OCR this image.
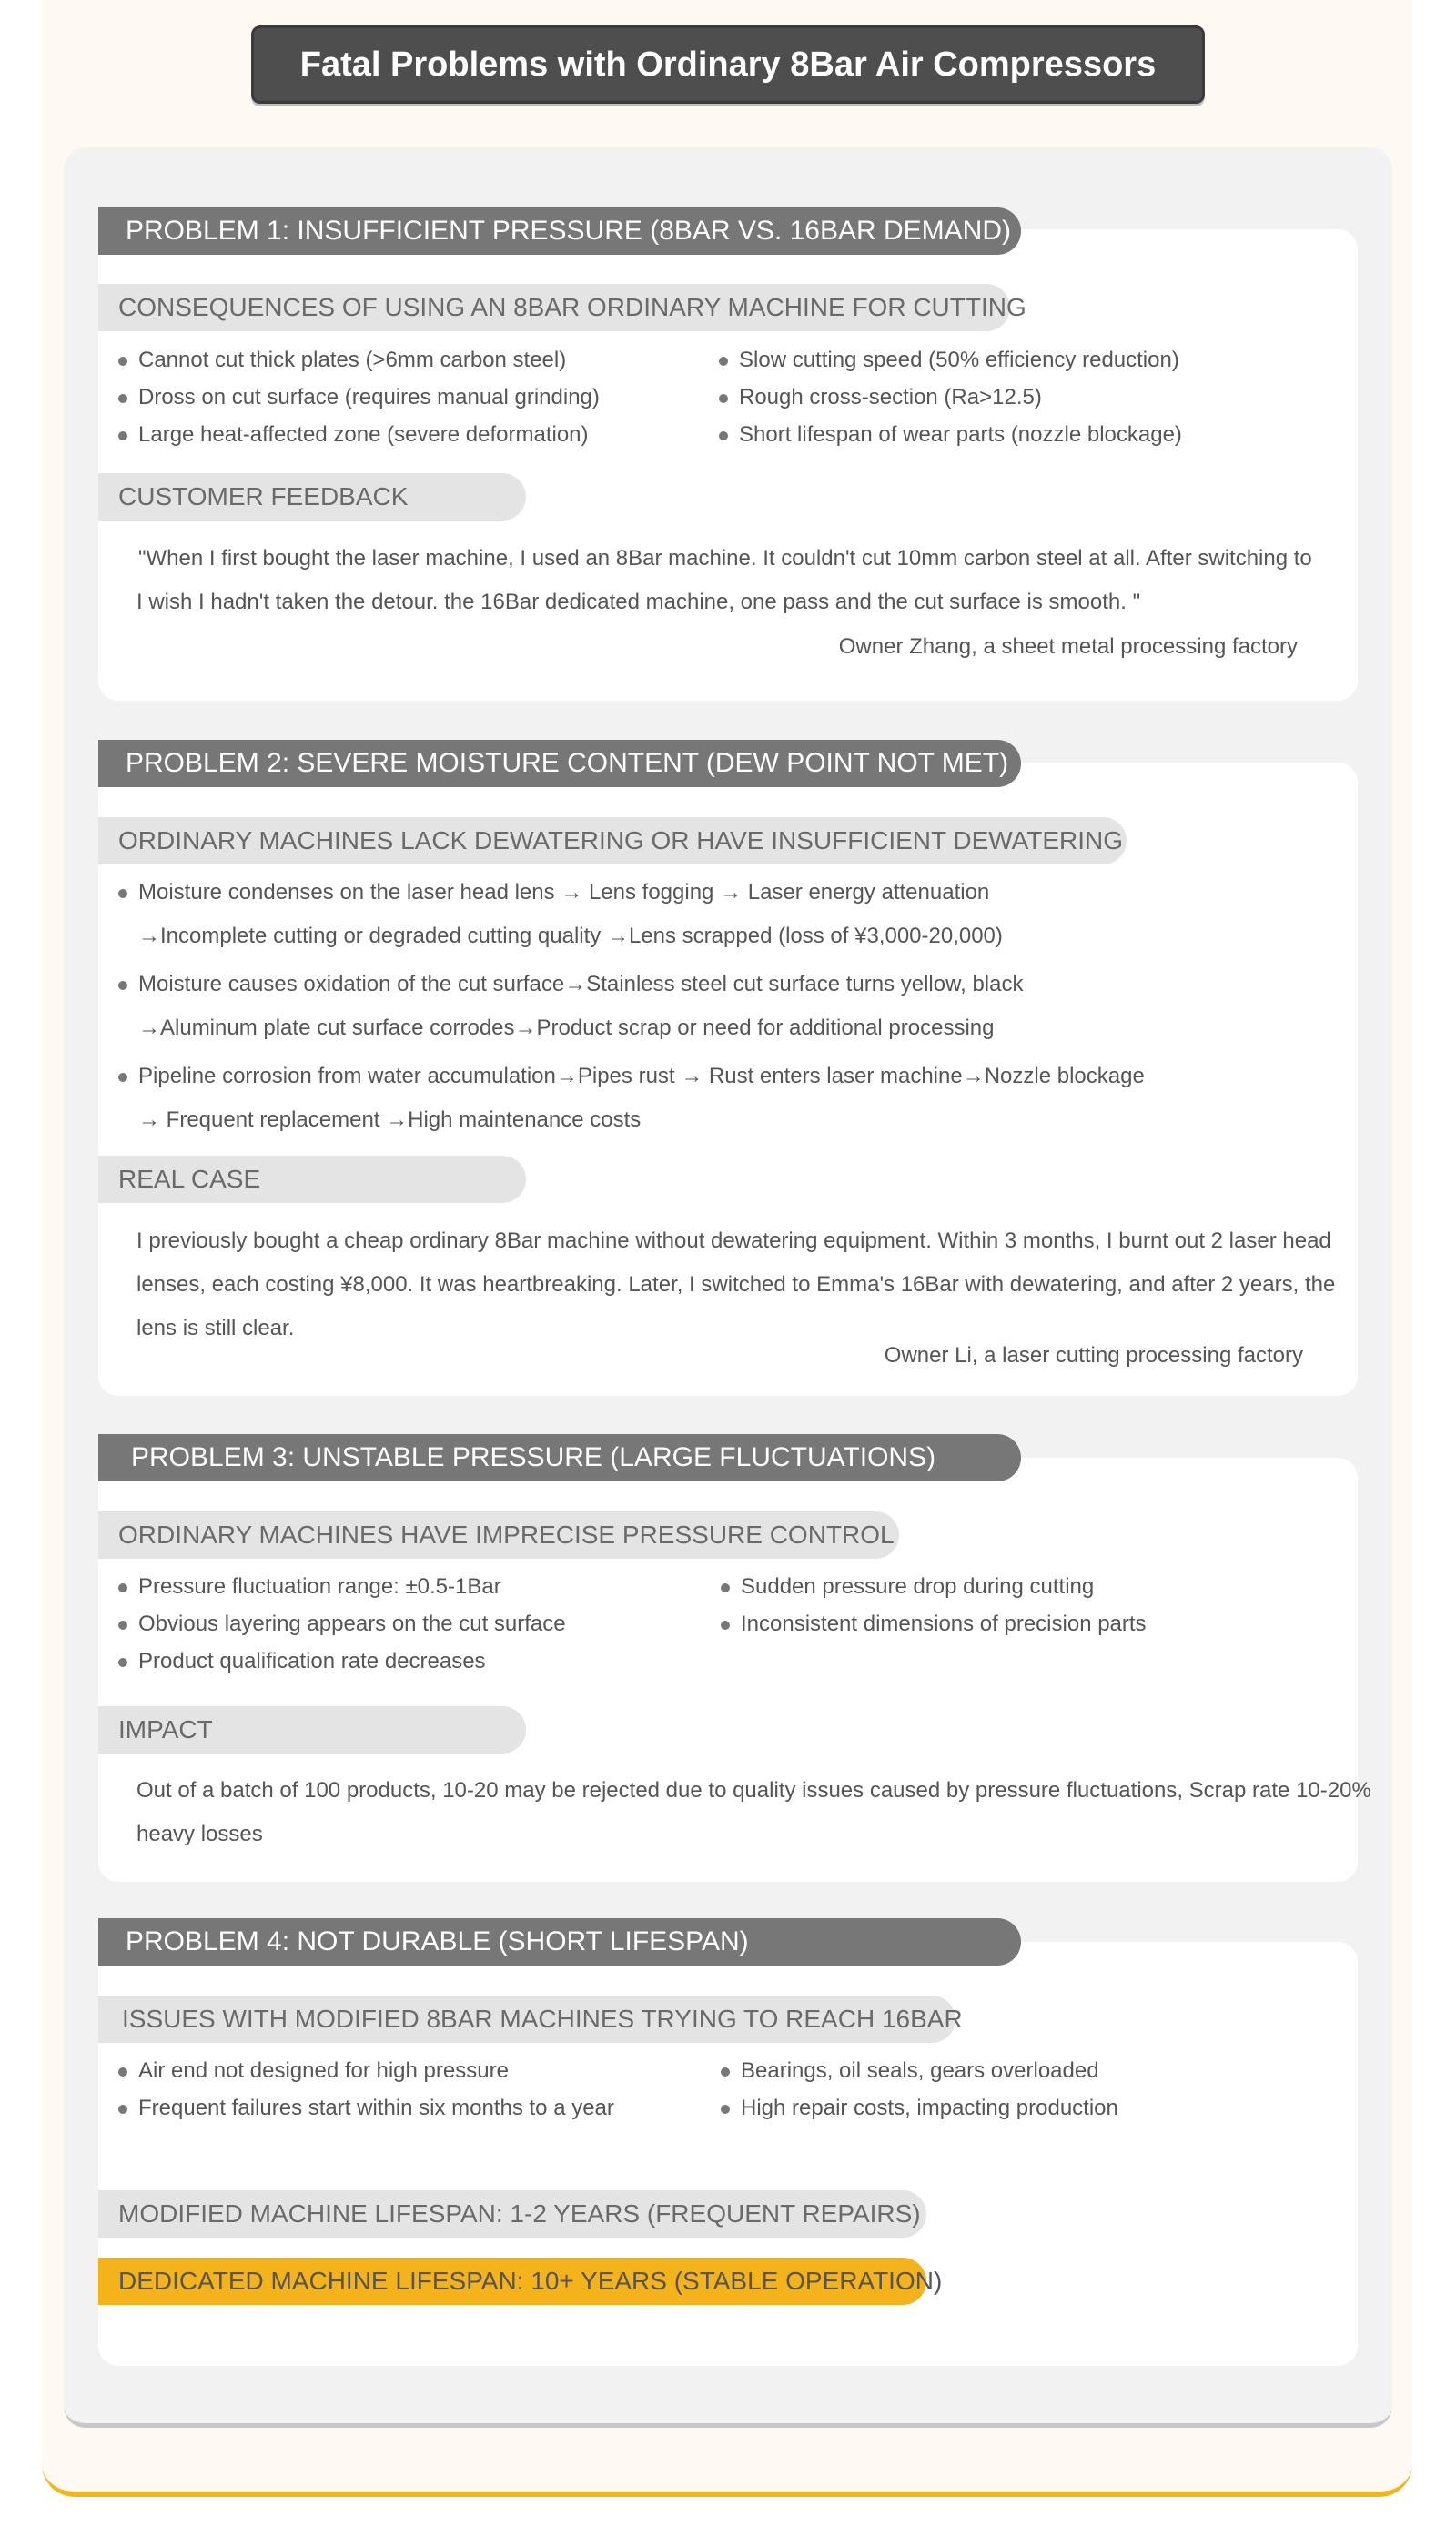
Fatal Problems with Ordinary 8Bar Air Compressors
PROBLEM 1: INSUFFICIENT PRESSURE (8BAR VS. 16BAR DEMAND)
CONSEQUENCES OF USING AN 8BAR ORDINARY MACHINE FOR CUTTING
Cannot cut thick plates (>6mm carbon steel)	Slow cutting speed (50% efficiency reduction)
Dross on cut surface (requires manual grinding)	Rough cross-section (Ra>12.5)
Large heat-affected zone (severe deformation)	Short lifespan of wear parts (nozzle blockage)
CUSTOMER FEEDBACK
"When I first bought the laser machine, I used an 8Bar machine. It couldn't cut 10mm carbon steel at all. After switching to
I wish I hadn't taken the detour. the 16Bar dedicated machine, one pass and the cut surface is smooth. "
Owner Zhang, a sheet metal processing factory
PROBLEM 2: SEVERE MOISTURE CONTENT (DEW POINT NOT MET)
ORDINARY MACHINES LACK DEWATERING OR HAVE INSUFFICIENT DEWATERING
Moisture condenses on the laser head lens → Lens fogging → Laser energy attenuation
→Incomplete cutting or degraded cutting quality →Lens scrapped (loss of ¥3,000-20,000)
Moisture causes oxidation of the cut surface→Stainless steel cut surface turns yellow, black
→Aluminum plate cut surface corrodes→Product scrap or need for additional processing
Pipeline corrosion from water accumulation→Pipes rust → Rust enters laser machine→Nozzle blockage
→ Frequent replacement →High maintenance costs
REAL CASE
I previously bought a cheap ordinary 8Bar machine without dewatering equipment. Within 3 months, I burnt out 2 laser head
lenses, each costing ¥8,000. It was heartbreaking. Later, I switched to Emma's 16Bar with dewatering, and after 2 years, the
lens is still clear.
Owner Li, a laser cutting processing factory
PROBLEM 3: UNSTABLE PRESSURE (LARGE FLUCTUATIONS)
ORDINARY MACHINES HAVE IMPRECISE PRESSURE CONTROL
Pressure fluctuation range: ±0.5-1Bar	Sudden pressure drop during cutting
Obvious layering appears on the cut surface	Inconsistent dimensions of precision parts
Product qualification rate decreases
IMPACT
Out of a batch of 100 products, 10-20 may be rejected due to quality issues caused by pressure fluctuations, Scrap rate 10-20%
heavy losses
PROBLEM 4: NOT DURABLE (SHORT LIFESPAN)
ISSUES WITH MODIFIED 8BAR MACHINES TRYING TO REACH 16BAR
Air end not designed for high pressure	Bearings, oil seals, gears overloaded
Frequent failures start within six months to a year	High repair costs, impacting production
MODIFIED MACHINE LIFESPAN: 1-2 YEARS (FREQUENT REPAIRS)
DEDICATED MACHINE LIFESPAN: 10+ YEARS (STABLE OPERATION)
